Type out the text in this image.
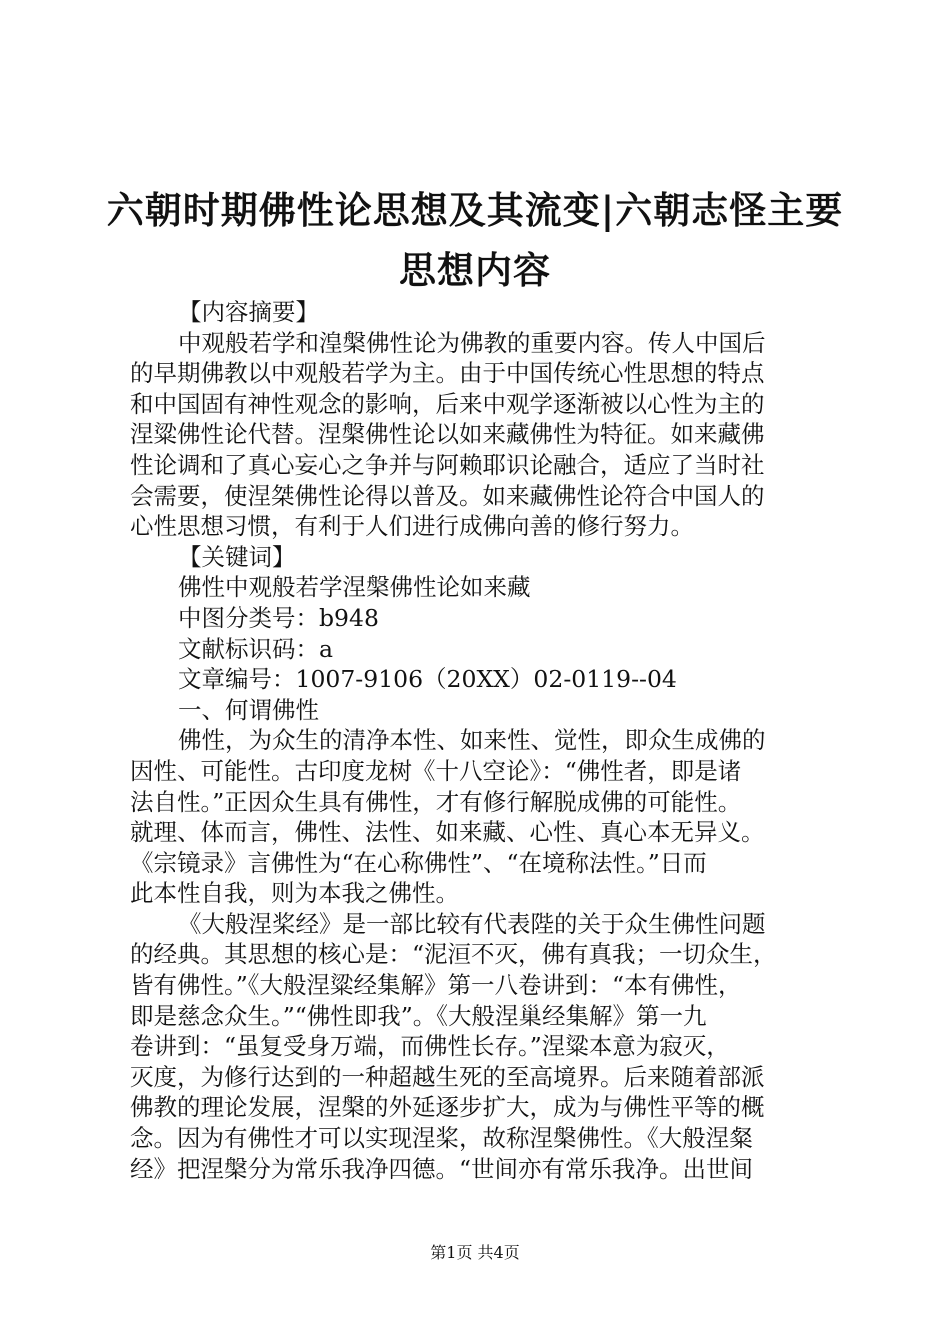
六朝时期佛性论思想及其流变|六朝志怪主要
思想内容

【内容摘要】

中观般若学和湟槃佛性论为佛教的重要内容。传人中国后

的早期佛教以中观般若学为主。由于中国传统心性思想的特点

和中国固有神性观念的影响，后来中观学逐渐被以心性为主的

涅粱佛性论代替。涅槃佛性论以如来藏佛性为特征。如来藏佛

性论调和了真心妄心之争并与阿赖耶识论融合，适应了当时社

会需要，使涅桀佛性论得以普及。如来藏佛性论符合中国人的

心性思想习惯，有利于人们进行成佛向善的修行努力。

【关键词】

佛性中观般若学涅槃佛性论如来藏

中图分类号：b948

文献标识码：a

文章编号：1007-9106（20XX）02-0119--04

一、何谓佛性

佛性，为众生的清净本性、如来性、觉性，即众生成佛的

因性、可能性。古印度龙树《十八空论》：“佛性者，即是诸

法自性。”正因众生具有佛性，才有修行解脱成佛的可能性。

就理、体而言，佛性、法性、如来藏、心性、真心本无异义。

《宗镜录》言佛性为“在心称佛性”、“在境称法性。”日而

此本性自我，则为本我之佛性。

《大般涅桨经》是一部比较有代表陛的关于众生佛性问题

的经典。其思想的核心是：“泥洹不灭，佛有真我；一切众生，

皆有佛性。”《大般涅粱经集解》第一八卷讲到：“本有佛性，

即是慈念众生。”“佛性即我”。《大般涅巢经集解》第一九

卷讲到：“虽复受身万端，而佛性长存。”涅粱本意为寂灭，

灭度，为修行达到的一种超越生死的至高境界。后来随着部派

佛教的理论发展，涅槃的外延逐步扩大，成为与佛性平等的概

念。因为有佛性才可以实现涅桨，故称涅槃佛性。《大般涅粲

经》把涅槃分为常乐我净四德。“世间亦有常乐我净。出世间

第1页 共4页
